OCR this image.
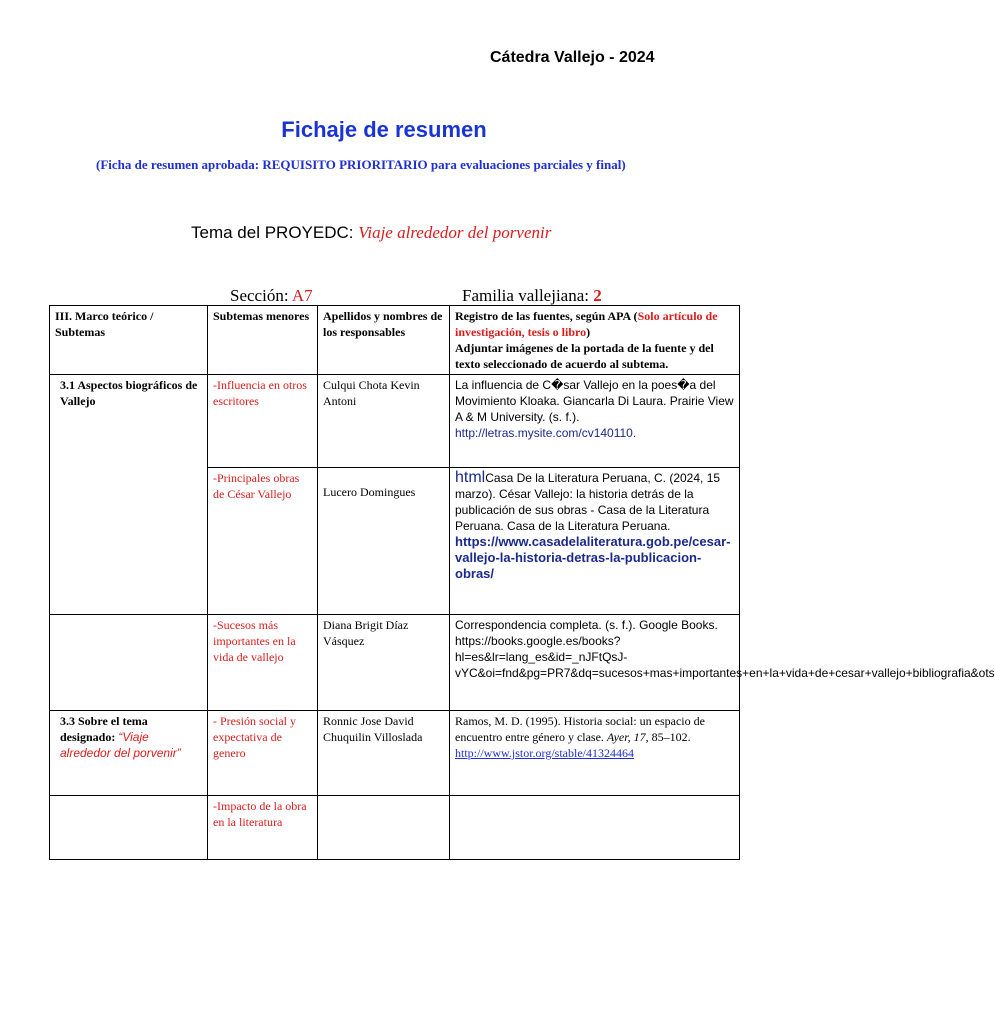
Cátedra Vallejo - 2024
Fichaje de resumen
(Ficha de resumen aprobada: REQUISITO PRIORITARIO para evaluaciones parciales y final)
Tema del PROYEDC: Viaje alrededor del porvenir
Sección: A7	Familia vallejiana: 2
III. Marco teórico / Subtemas	Subtemas menores	Apellidos y nombres de los responsables	Registro de las fuentes, según APA (Solo artículo de investigación, tesis o libro)
Adjuntar imágenes de la portada de la fuente y del texto seleccionado de acuerdo al subtema.
3.1 Aspectos biográficos de Vallejo	-Influencia en otros escritores	Culqui Chota Kevin Antoni	La influencia de C�sar Vallejo en la poes�a del Movimiento Kloaka. Giancarla Di Laura. Prairie View A & M University. (s. f.). http://letras.mysite.com/cv140110.
	-Principales obras de César Vallejo	Lucero Domingues	htmlCasa De la Literatura Peruana, C. (2024, 15 marzo). César Vallejo: la historia detrás de la publicación de sus obras - Casa de la Literatura Peruana. Casa de la Literatura Peruana. https://www.casadelaliteratura.gob.pe/cesar-vallejo-la-historia-detras-la-publicacion-obras/
	-Sucesos más importantes en la vida de vallejo	Diana Brigit Díaz Vásquez	Correspondencia completa. (s. f.). Google Books. https://books.google.es/books?hl=es&lr=lang_es&id=_nJFtQsJ-vYC&oi=fnd&pg=PR7&dq=sucesos+mas+importantes+en+la+vida+de+cesar+vallejo+bibliografia&ots
3.3 Sobre el tema designado: “Viaje alrededor del porvenir”	- Presión social y expectativa de genero	Ronnic Jose David Chuquilin Villoslada	Ramos, M. D. (1995). Historia social: un espacio de encuentro entre género y clase. Ayer, 17, 85–102.
http://www.jstor.org/stable/41324464
	-Impacto de la obra en la literatura		
